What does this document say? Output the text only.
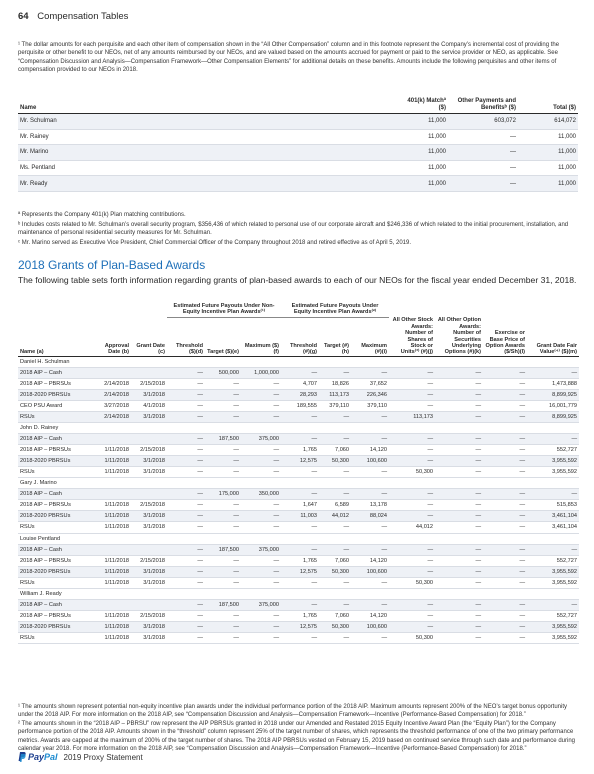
64 Compensation Tables

¹ The dollar amounts for each perquisite and each other item of compensation shown in the “All Other Compensation” column and in this footnote represent the Company’s incremental cost of providing the perquisite or other benefit to our NEOs, net of any amounts reimbursed by our NEOs, and are valued based on the amounts accrued for payment or paid to the service provider or NEO, as applicable. See “Compensation Discussion and Analysis—Compensation Framework—Other Compensation Elements” for additional details on these benefits. Amounts include the following perquisites and other items of compensation provided to our NEOs in 2018.

Name	401(k) Matchª ($)	Other Payments and Benefitsᵇ ($)	Total ($)
Mr. Schulman	11,000	603,072	614,072
Mr. Rainey	11,000	—	11,000
Mr. Marino	11,000	—	11,000
Ms. Pentland	11,000	—	11,000
Mr. Ready	11,000	—	11,000

ª Represents the Company 401(k) Plan matching contributions.

ᵇ Includes costs related to Mr. Schulman’s overall security program, $356,436 of which related to personal use of our corporate aircraft and $246,336 of which related to the initial procurement, installation, and maintenance of personal residential security measures for Mr. Schulman.

ᶜ Mr. Marino served as Executive Vice President, Chief Commercial Officer of the Company throughout 2018 and retired effective as of April 5, 2019.

2018 Grants of Plan-Based Awards

The following table sets forth information regarding grants of plan-based awards to each of our NEOs for the fiscal year ended December 31, 2018.

			Estimated Future Payouts Under Non-Equity Incentive Plan Awards⁽¹⁾			Estimated Future Payouts Under Equity Incentive Plan Awards⁽²⁾						
Name (a)	Approval Date (b)	Grant Date (c)	Threshold ($)(d)	Target ($)(e)	Maximum ($)(f)	Threshold (#)(g)	Target (#)(h)	Maximum (#)(i)	All Other Stock Awards: Number of Shares of Stock or Units⁽³⁾ (#)(j)	All Other Option Awards: Number of Securities Underlying Options (#)(k)	Exercise or Base Price of Option Awards ($/Sh)(l)	Grant Date Fair Value⁽⁴⁾ ($)(m)
Daniel H. Schulman												
2018 AIP – Cash			—	500,000	1,000,000	—	—	—	—	—	—	—
2018 AIP – PBRSUs	2/14/2018	2/15/2018	—	—	—	4,707	18,826	37,652	—	—	—	1,473,888
2018-2020 PBRSUs	2/14/2018	3/1/2018	—	—	—	28,293	113,173	226,346	—	—	—	8,899,925
CEO PSU Award	3/27/2018	4/1/2018	—	—	—	189,555	379,110	379,110	—	—	—	16,001,779
RSUs	2/14/2018	3/1/2018	—	—	—	—	—	—	113,173	—	—	8,899,925
John D. Rainey												
2018 AIP – Cash			—	187,500	375,000	—	—	—	—	—	—	—
2018 AIP – PBRSUs	1/11/2018	2/15/2018	—	—	—	1,765	7,060	14,120	—	—	—	552,727
2018-2020 PBRSUs	1/11/2018	3/1/2018	—	—	—	12,575	50,300	100,600	—	—	—	3,955,592
RSUs	1/11/2018	3/1/2018	—	—	—	—	—	—	50,300	—	—	3,955,592
Gary J. Marino												
2018 AIP – Cash			—	175,000	350,000	—	—	—	—	—	—	—
2018 AIP – PBRSUs	1/11/2018	2/15/2018	—	—	—	1,647	6,589	13,178	—	—	—	515,853
2018-2020 PBRSUs	1/11/2018	3/1/2018	—	—	—	11,003	44,012	88,024	—	—	—	3,461,104
RSUs	1/11/2018	3/1/2018	—	—	—	—	—	—	44,012	—	—	3,461,104
Louise Pentland												
2018 AIP – Cash			—	187,500	375,000	—	—	—	—	—	—	—
2018 AIP – PBRSUs	1/11/2018	2/15/2018	—	—	—	1,765	7,060	14,120	—	—	—	552,727
2018-2020 PBRSUs	1/11/2018	3/1/2018	—	—	—	12,575	50,300	100,600	—	—	—	3,955,592
RSUs	1/11/2018	3/1/2018	—	—	—	—	—	—	50,300	—	—	3,955,592
William J. Ready												
2018 AIP – Cash			—	187,500	375,000	—	—	—	—	—	—	—
2018 AIP – PBRSUs	1/11/2018	2/15/2018	—	—	—	1,765	7,060	14,120	—	—	—	552,727
2018-2020 PBRSUs	1/11/2018	3/1/2018	—	—	—	12,575	50,300	100,600	—	—	—	3,955,592
RSUs	1/11/2018	3/1/2018	—	—	—	—	—	—	50,300	—	—	3,955,592

¹ The amounts shown represent potential non-equity incentive plan awards under the individual performance portion of the 2018 AIP. Maximum amounts represent 200% of the NEO’s target bonus opportunity under the 2018 AIP. For more information on the 2018 AIP, see “Compensation Discussion and Analysis—Compensation Framework—Incentive (Performance-Based Compensation) for 2018.”

² The amounts shown in the “2018 AIP – PBRSU” row represent the AIP PBRSUs granted in 2018 under our Amended and Restated 2015 Equity Incentive Award Plan (the “Equity Plan”) for the Company performance portion of the 2018 AIP. Amounts shown in the “threshold” column represent 25% of the target number of shares, which represents the threshold performance of one of the two primary performance metrics. Awards are capped at the maximum of 200% of the target number of shares. The 2018 AIP PBRSUs vested on February 15, 2019 based on continued service through such date and performance during calendar year 2018. For more information on the 2018 AIP, see “Compensation Discussion and Analysis—Compensation Framework—Incentive (Performance-Based Compensation) for 2018.”

PayPal 2019 Proxy Statement
